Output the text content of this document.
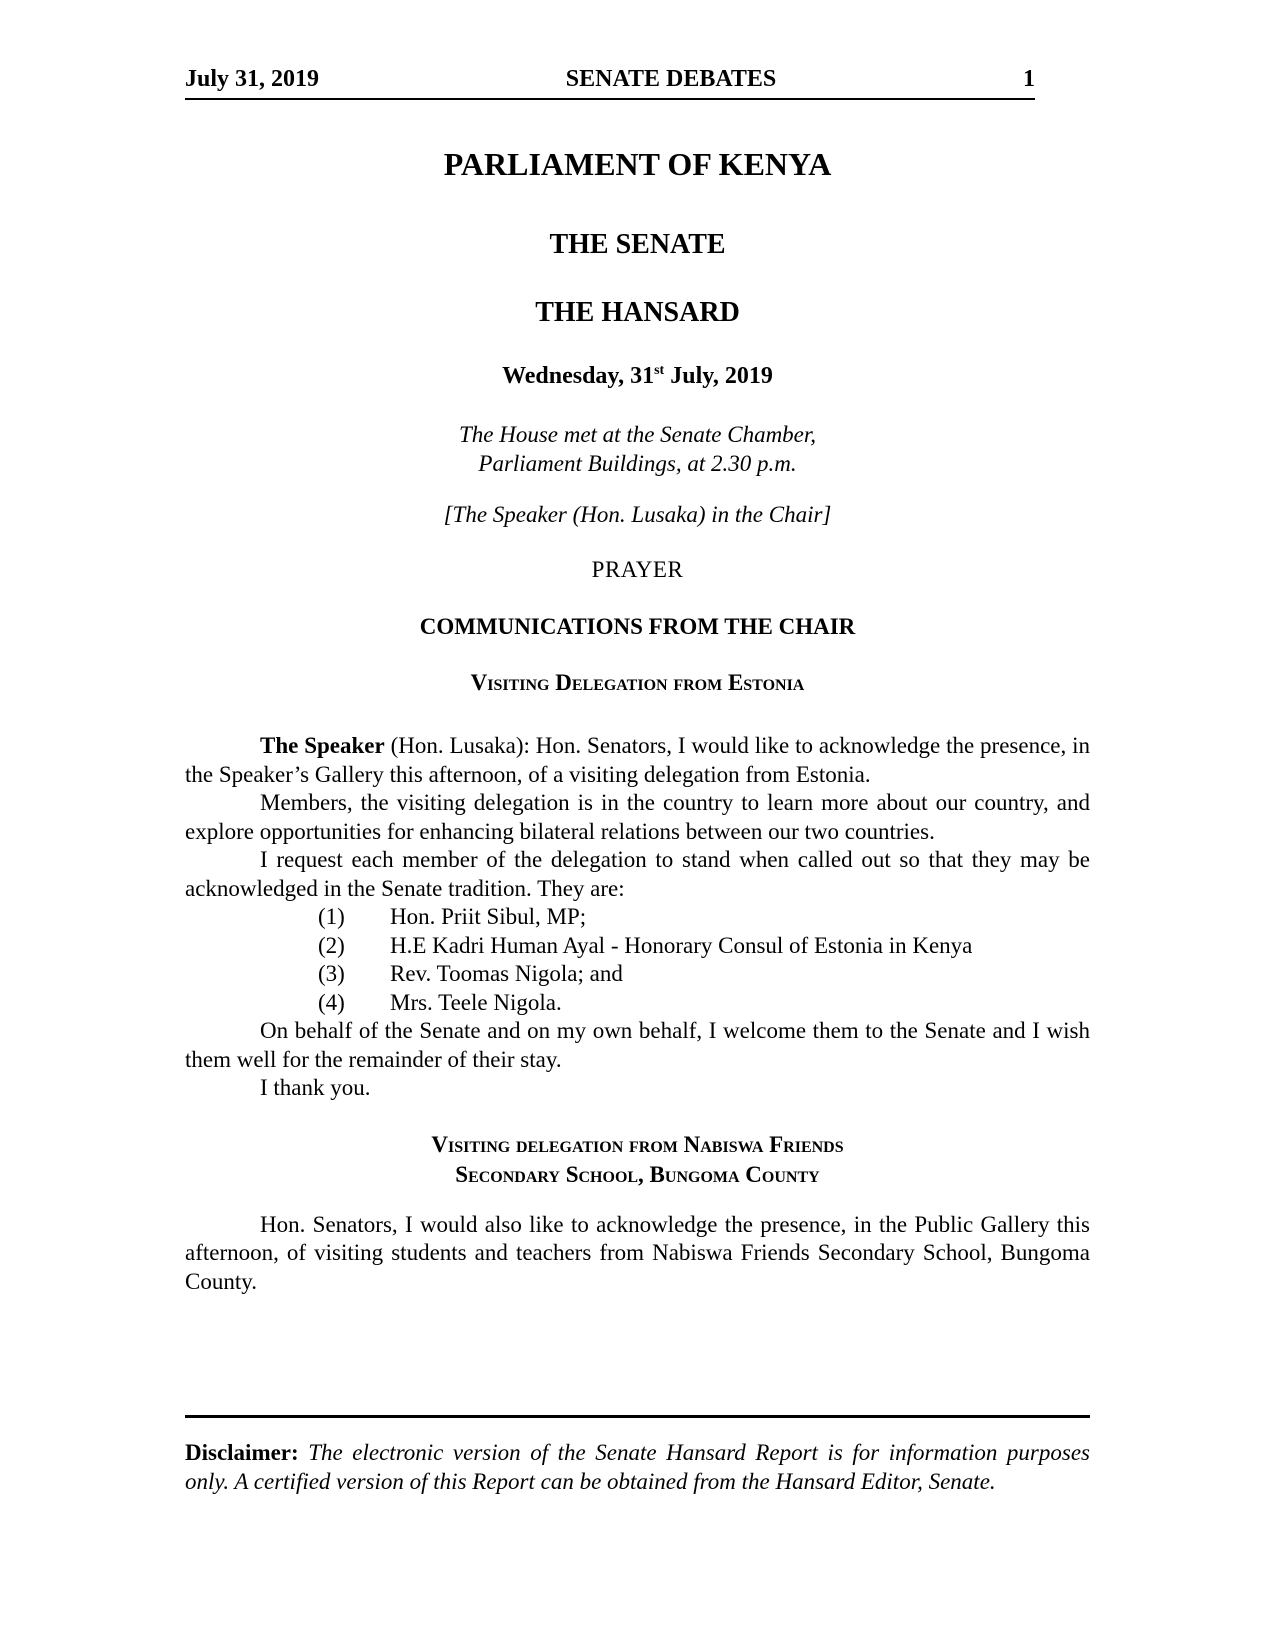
July 31, 2019	SENATE DEBATES	1
PARLIAMENT OF KENYA
THE SENATE
THE HANSARD

Wednesday, 31st July, 2019

The House met at the Senate Chamber,
Parliament Buildings, at 2.30 p.m.

[The Speaker (Hon. Lusaka) in the Chair]

PRAYER

COMMUNICATIONS FROM THE CHAIR
Visiting Delegation from Estonia

The Speaker (Hon. Lusaka): Hon. Senators, I would like to acknowledge the presence, in the Speaker’s Gallery this afternoon, of a visiting delegation from Estonia.

Members, the visiting delegation is in the country to learn more about our country, and explore opportunities for enhancing bilateral relations between our two countries.

I request each member of the delegation to stand when called out so that they may be acknowledged in the Senate tradition. They are:

(1)	Hon. Priit Sibul, MP;
(2)	H.E Kadri Human Ayal - Honorary Consul of Estonia in Kenya
(3)	Rev. Toomas Nigola; and
(4)	Mrs. Teele Nigola.

On behalf of the Senate and on my own behalf, I welcome them to the Senate and I wish them well for the remainder of their stay.

I thank you.

Visiting delegation from Nabiswa Friends
Secondary School, Bungoma County

Hon. Senators, I would also like to acknowledge the presence, in the Public Gallery this afternoon, of visiting students and teachers from Nabiswa Friends Secondary School, Bungoma County.

Disclaimer: The electronic version of the Senate Hansard Report is for information purposes only. A certified version of this Report can be obtained from the Hansard Editor, Senate.
